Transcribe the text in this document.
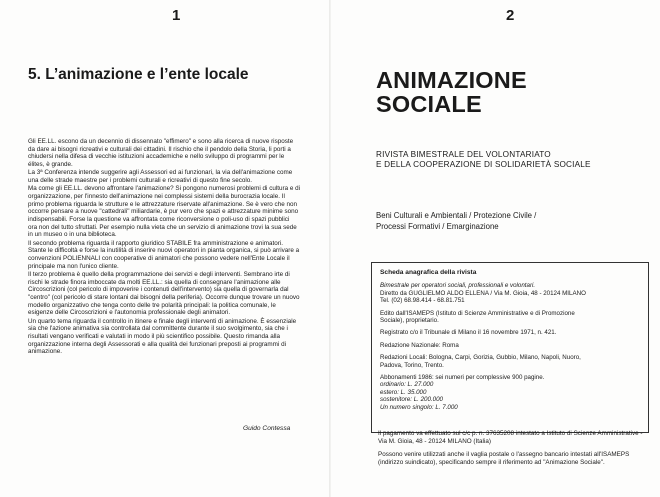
1
5. L’animazione e l’ente locale

Gli EE.LL. escono da un decennio di dissennato "effimero" e sono alla ricerca di nuove risposte da dare ai bisogni ricreativi e culturali dei cittadini. Il rischio che il pendolo della Storia, li porti a chiudersi nella difesa di vecchie istituzioni accademiche e nello sviluppo di programmi per le élites, è grande.

La 3ª Conferenza intende suggerire agli Assessori ed ai funzionari, la via dell'animazione come una delle strade maestre per i problemi culturali e ricreativi di questo fine secolo.

Ma come gli EE.LL. devono affrontare l'animazione? Si pongono numerosi problemi di cultura e di organizzazione, per l'innesto dell'animazione nei complessi sistemi della burocrazia locale. Il primo problema riguarda le strutture e le attrezzature riservate all'animazione. Se è vero che non occorre pensare a nuove "cattedrali" miliardarie, è pur vero che spazi e attrezzature minime sono indispensabili. Forse la questione va affrontata come riconversione o poli-uso di spazi pubblici ora non del tutto sfruttati. Per esempio nulla vieta che un servizio di animazione trovi la sua sede in un museo o in una biblioteca.

Il secondo problema riguarda il rapporto giuridico STABILE fra amministrazione e animatori. Stante le difficoltà e forse la inutilità di inserire nuovi operatori in pianta organica, si può arrivare a convenzioni POLIENNALI con cooperative di animatori che possono vedere nell'Ente Locale il principale ma non l'unico cliente.

Il terzo problema è quello della programmazione dei servizi e degli interventi. Sembrano irte di rischi le strade finora imboccate da molti EE.LL.: sia quella di consegnare l'animazione alle Circoscrizioni (col pericolo di impoverire i contenuti dell'intervento) sia quella di governarla dal "centro" (col pericolo di stare lontani dai bisogni della periferia). Occorre dunque trovare un nuovo modello organizzativo che tenga conto delle tre polarità principali: la politica comunale, le esigenze delle Circoscrizioni e l'autonomia professionale degli animatori.

Un quarto tema riguarda il controllo in itinere e finale degli interventi di animazione. È essenziale sia che l'azione animativa sia controllata dal committente durante il suo svolgimento, sia che i risultati vengano verificati e valutati in modo il più scientifico possibile. Questo rimanda alla organizzazione interna degli Assessorati e alla qualità dei funzionari preposti ai programmi di animazione.

Guido Contessa
2
ANIMAZIONE
SOCIALE
RIVISTA BIMESTRALE DEL VOLONTARIATO
E DELLA COOPERAZIONE DI SOLIDARIETÀ SOCIALE
Beni Culturali e Ambientali / Protezione Civile /
Processi Formativi / Emarginazione
Scheda anagrafica della rivista
Bimestrale per operatori sociali, professionali e volontari.
Diretto da GUGLIELMO ALDO ELLENA / Via M. Gioia, 48 - 20124 MILANO
Tel. (02) 68.98.414 - 68.81.751
Edito dall'ISAMEPS (Istituto di Scienze Amministrative e di Promozione
Sociale), proprietario.
Registrato c/o il Tribunale di Milano il 16 novembre 1971, n. 421.
Redazione Nazionale: Roma
Redazioni Locali: Bologna, Carpi, Gorizia, Gubbio, Milano, Napoli, Nuoro,
Padova, Torino, Trento.
Abbonamenti 1986: sei numeri per complessive 900 pagine.
ordinario: L. 27.000
estero: L. 35.000
sostenitore: L. 200.000
Un numero singolo: L. 7.000

Il pagamento va effettuato sul c/c p. n. 37635208 intestato a Istituto di Scienze Amministrative - Via M. Gioia, 48 - 20124 MILANO (Italia)

Possono venire utilizzati anche il vaglia postale o l'assegno bancario intestati all'ISAMEPS (indirizzo suindicato), specificando sempre il riferimento ad "Animazione Sociale".
